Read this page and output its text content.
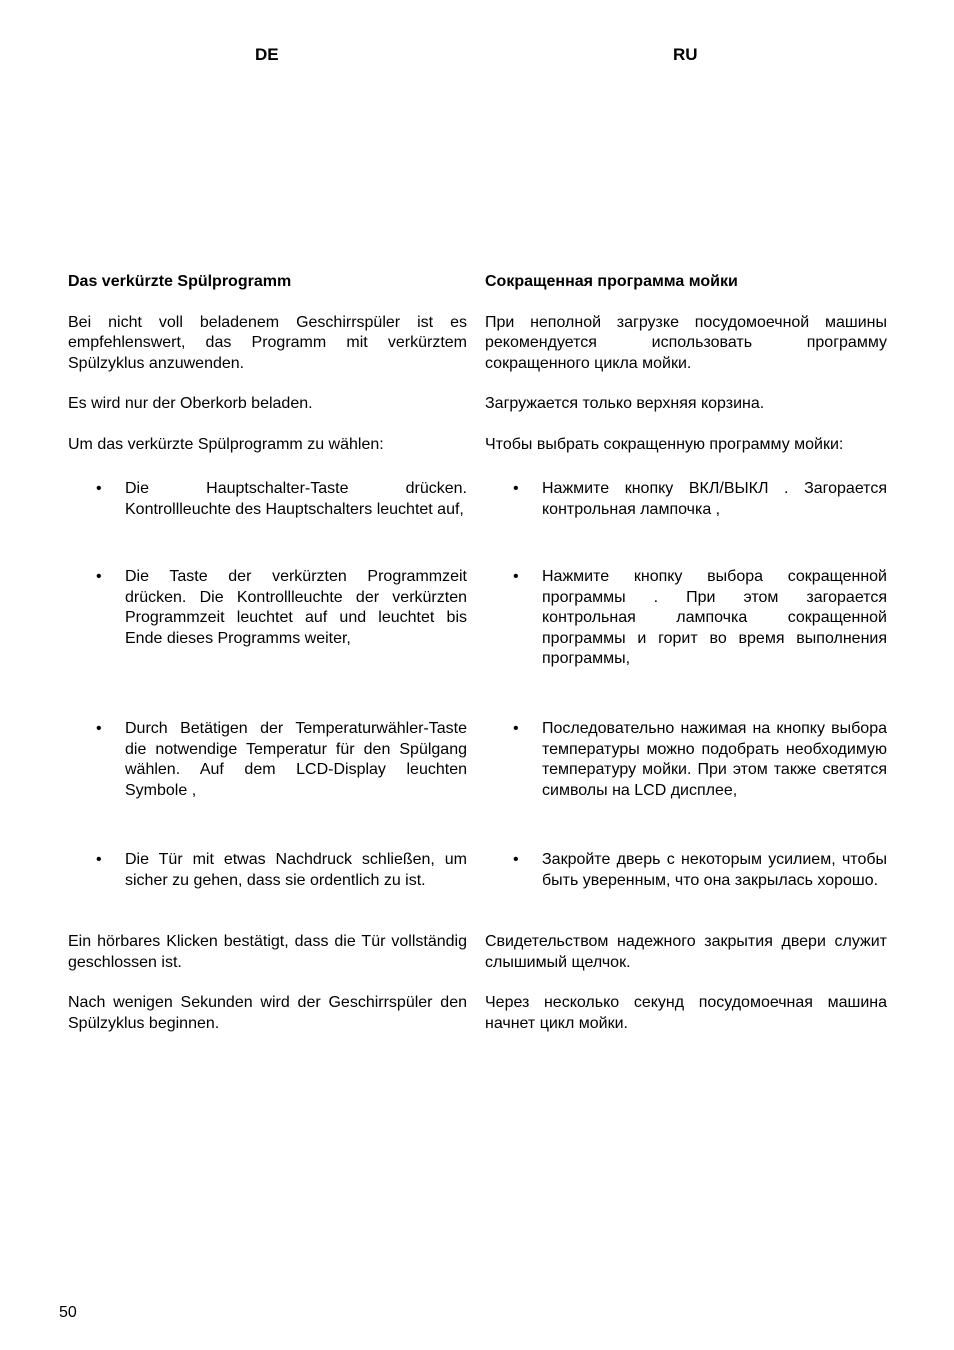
DE	RU
Das verkürzte Spülprogramm

Bei nicht voll beladenem Geschirrspüler ist es empfehlenswert, das Programm mit verkürztem Spülzyklus anzuwenden.

Es wird nur der Oberkorb beladen.

Um das verkürzte Spülprogramm zu wählen:

• Die Hauptschalter-Taste drücken. Kontrollleuchte des Hauptschalters leuchtet auf,
• Die Taste der verkürzten Programmzeit drücken. Die Kontrollleuchte der verkürzten Programmzeit leuchtet auf und leuchtet bis Ende dieses Programms weiter,
• Durch Betätigen der Temperaturwähler-Taste die notwendige Temperatur für den Spülgang wählen. Auf dem LCD-Display leuchten Symbole ,
• Die Tür mit etwas Nachdruck schließen, um sicher zu gehen, dass sie ordentlich zu ist.

Ein hörbares Klicken bestätigt, dass die Tür vollständig geschlossen ist.

Nach wenigen Sekunden wird der Geschirrspüler den Spülzyklus beginnen.

Сокращенная программа мойки

При неполной загрузке посудомоечной машины рекомендуется использовать программу сокращенного цикла мойки.

Загружается только верхняя корзина.

Чтобы выбрать сокращенную программу мойки:

• Нажмите кнопку ВКЛ/ВЫКЛ . Загорается контрольная лампочка ,
• Нажмите кнопку выбора сокращенной программы . При этом загорается контрольная лампочка сокращенной программы и горит во время выполнения программы,
• Последовательно нажимая на кнопку выбора температуры можно подобрать необходимую температуру мойки. При этом также светятся символы на LCD дисплее,
• Закройте дверь с некоторым усилием, чтобы быть уверенным, что она закрылась хорошо.

Свидетельством надежного закрытия двери служит слышимый щелчок.

Через несколько секунд посудомоечная машина начнет цикл мойки.

50
